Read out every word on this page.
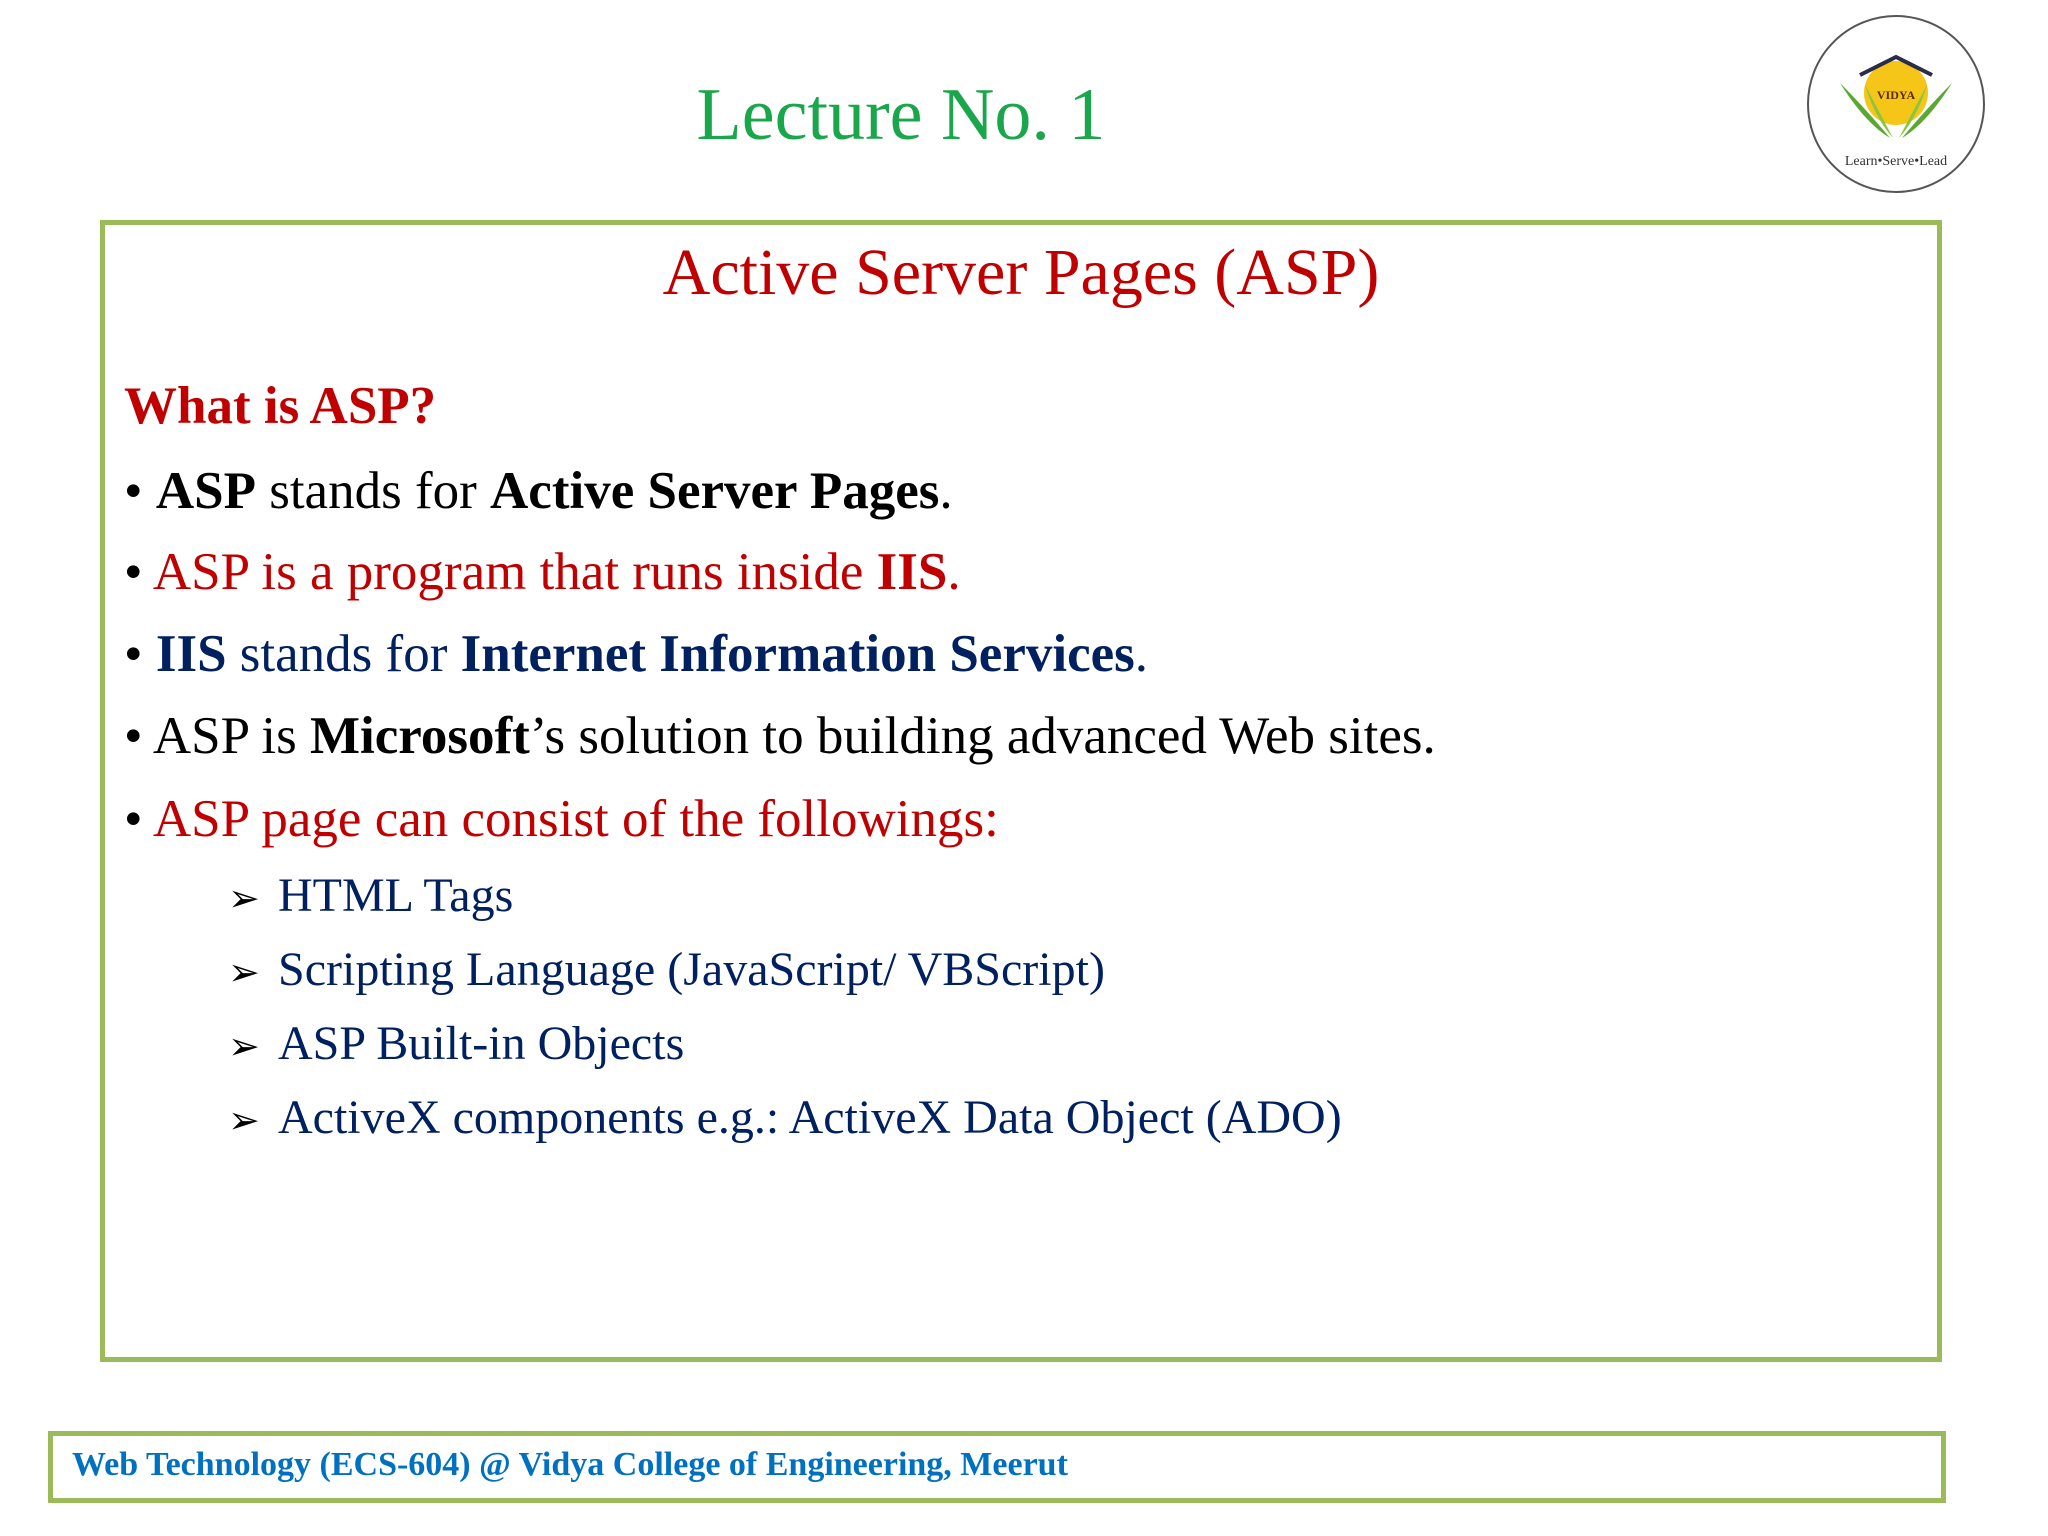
Lecture No. 1	VIDYA
Learn•Serve•Lead
Active Server Pages (ASP)
What is ASP?
• ASP stands for Active Server Pages.
• ASP is a program that runs inside IIS.
• IIS stands for Internet Information Services.
• ASP is Microsoft’s solution to building advanced Web sites.
• ASP page can consist of the followings:
➢ HTML Tags
➢ Scripting Language (JavaScript/ VBScript)
➢ ASP Built-in Objects
➢ ActiveX components e.g.: ActiveX Data Object (ADO)
Web Technology (ECS-604) @ Vidya College of Engineering, Meerut
